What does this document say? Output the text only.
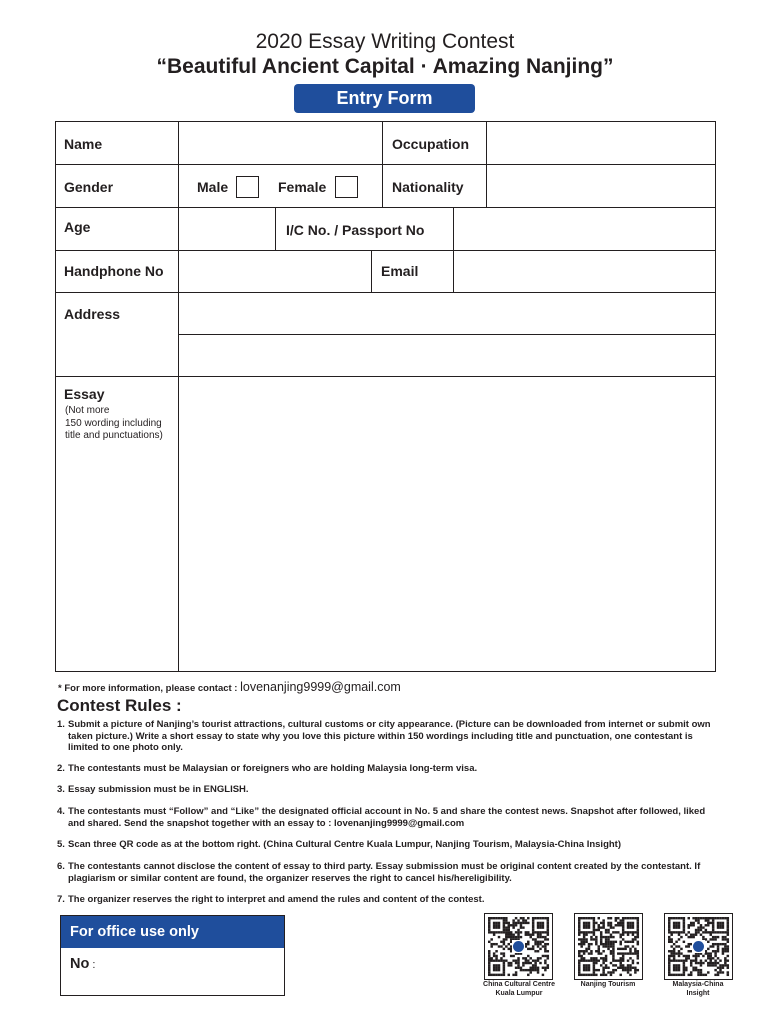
2020 Essay Writing Contest
“Beautiful Ancient Capital · Amazing Nanjing”
Entry Form
Name	Occupation
Gender	Male	Female	Nationality
Age	I/C No. / Passport No
Handphone No	Email
Address
Essay
(Not more
150 wording including
title and punctuations)
* For more information, please contact : lovenanjing9999@gmail.com
Contest Rules :
1. Submit a picture of Nanjing’s tourist attractions, cultural customs or city appearance. (Picture can be downloaded from internet or submit own taken picture.) Write a short essay to state why you love this picture within 150 wordings including title and punctuation, one contestant is limited to one photo only.
2. The contestants must be Malaysian or foreigners who are holding Malaysia long-term visa.
3. Essay submission must be in ENGLISH.
4. The contestants must “Follow” and “Like” the designated official account in No. 5 and share the contest news. Snapshot after followed, liked and shared. Send the snapshot together with an essay to : lovenanjing9999@gmail.com
5. Scan three QR code as at the bottom right. (China Cultural Centre Kuala Lumpur, Nanjing Tourism, Malaysia-China Insight)
6. The contestants cannot disclose the content of essay to third party. Essay submission must be original content created by the contestant. If plagiarism or similar content are found, the organizer reserves the right to cancel his/hereligibility.
7. The organizer reserves the right to interpret and amend the rules and content of the contest.
For office use only
No :
China Cultural Centre
Kuala Lumpur
Nanjing Tourism	Malaysia-China
Insight
